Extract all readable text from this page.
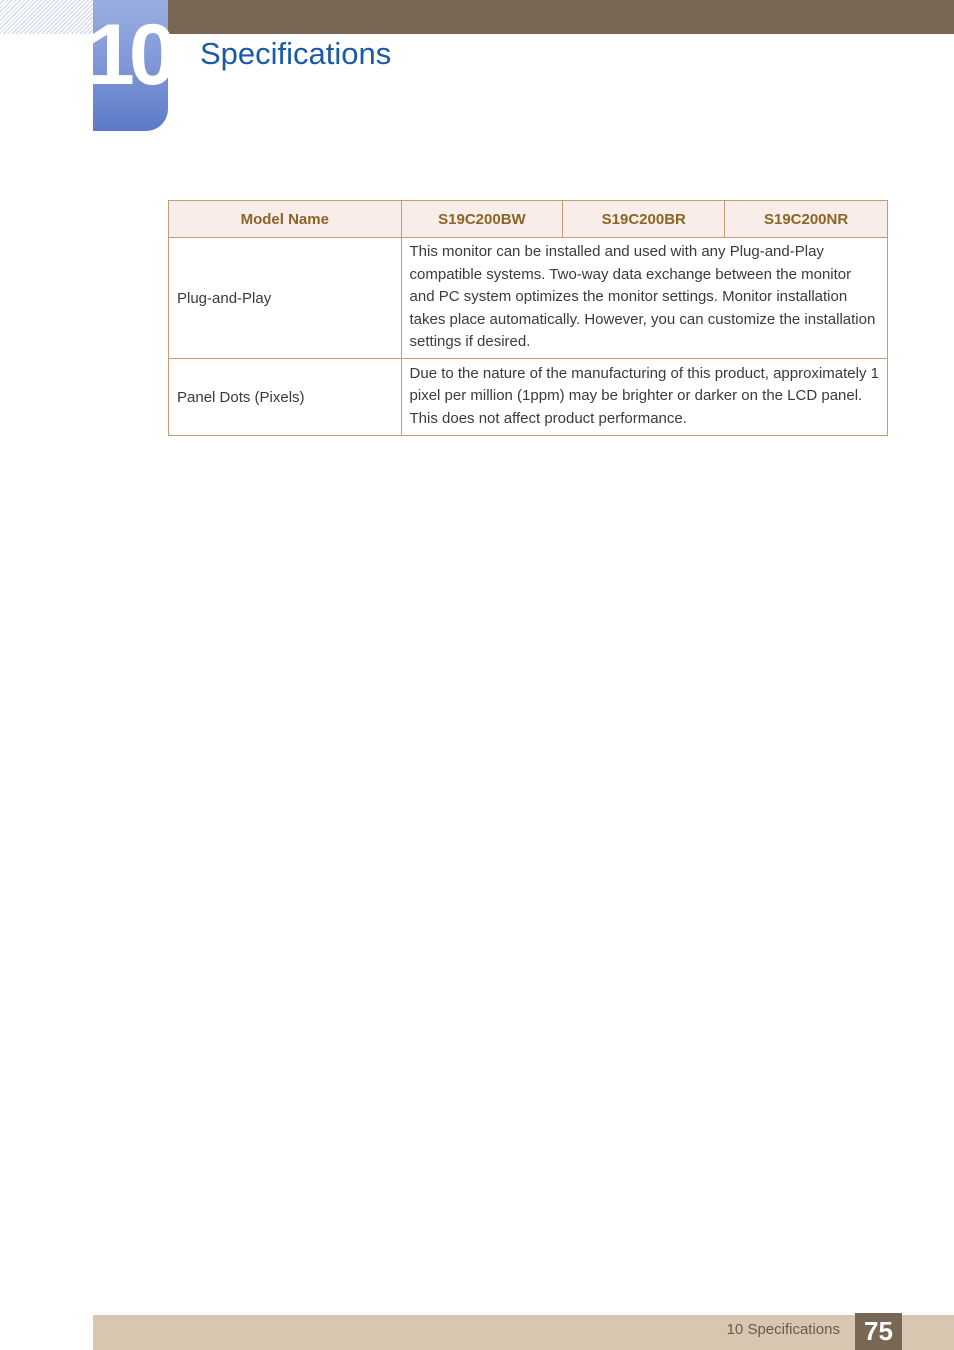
10 Specifications
Model Name	S19C200BW	S19C200BR	S19C200NR
Plug-and-Play	This monitor can be installed and used with any Plug-and-Play compatible systems. Two-way data exchange between the monitor and PC system optimizes the monitor settings. Monitor installation takes place automatically. However, you can customize the installation settings if desired.		
Panel Dots (Pixels)	Due to the nature of the manufacturing of this product, approximately 1 pixel per million (1ppm) may be brighter or darker on the LCD panel. This does not affect product performance.		
10 Specifications 75
